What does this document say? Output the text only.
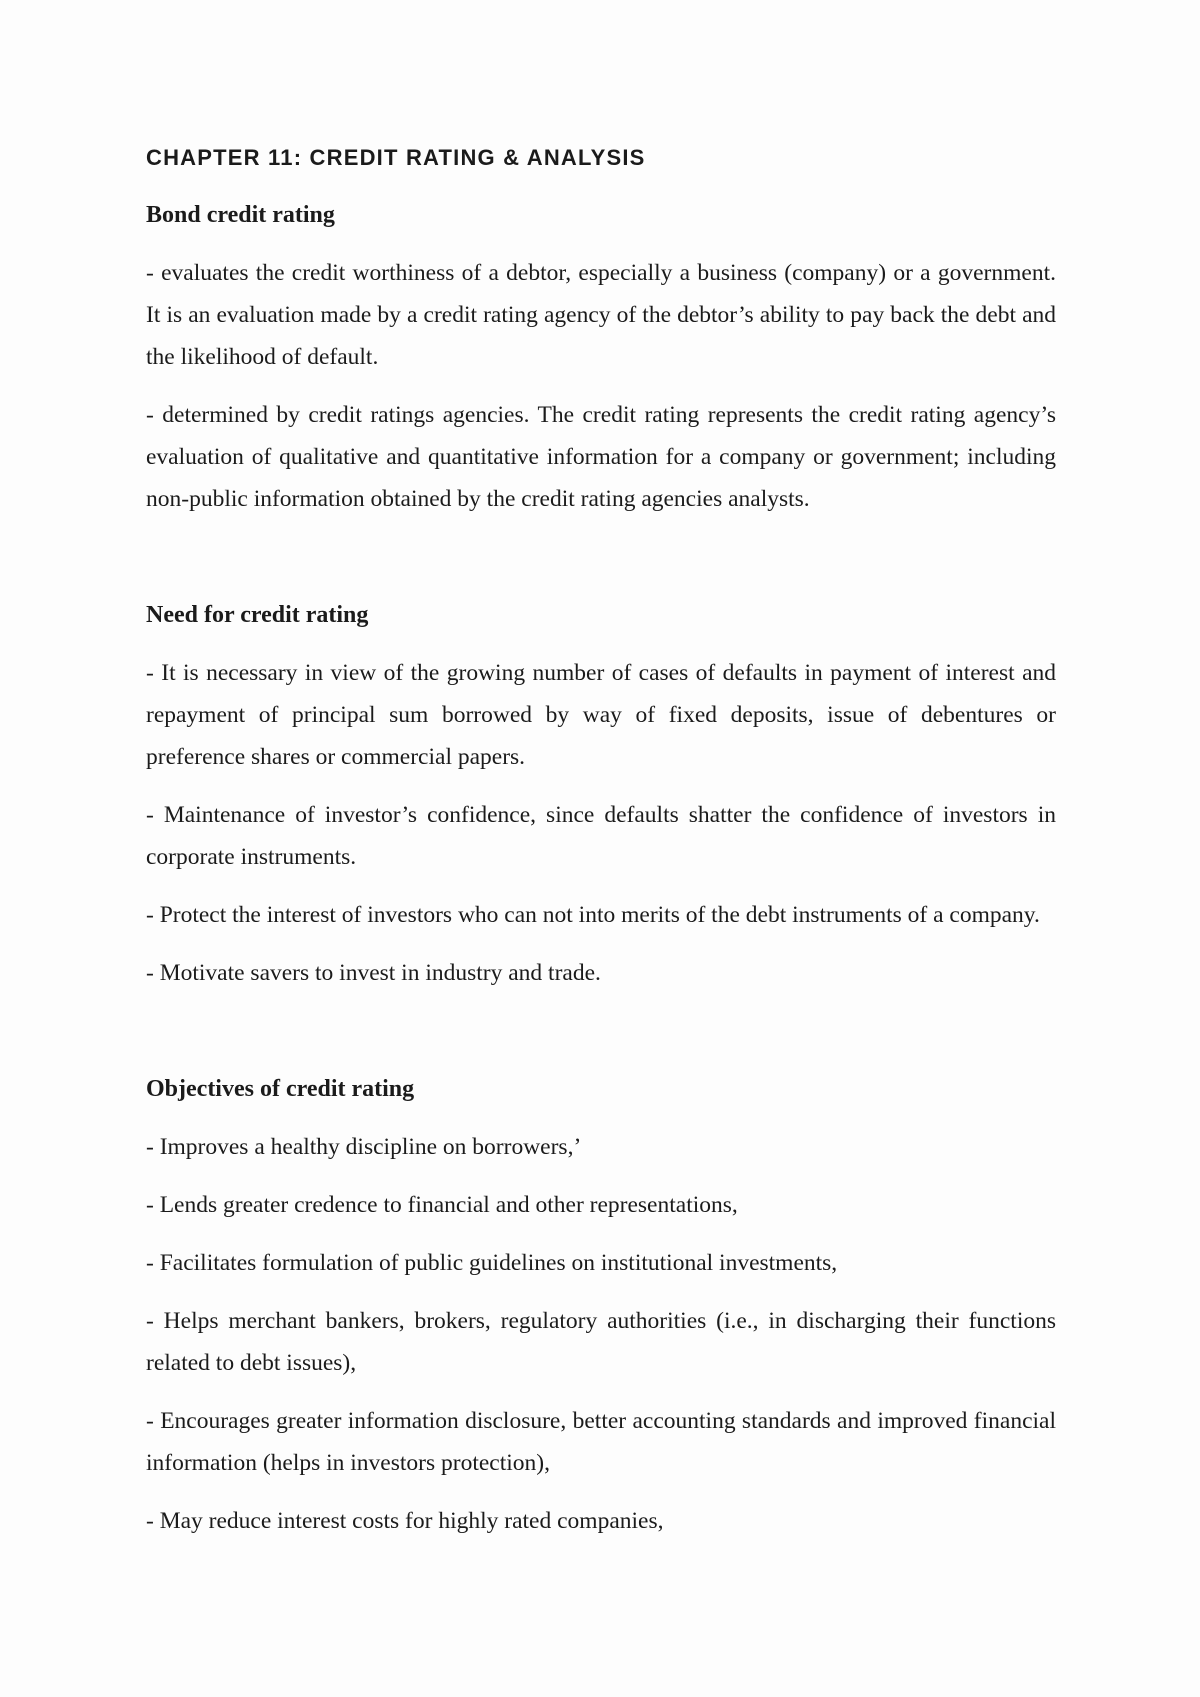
CHAPTER 11: CREDIT RATING & ANALYSIS
Bond credit rating

- evaluates the credit worthiness of a debtor, especially a business (company) or a government. It is an evaluation made by a credit rating agency of the debtor’s ability to pay back the debt and the likelihood of default.

- determined by credit ratings agencies. The credit rating represents the credit rating agency’s evaluation of qualitative and quantitative information for a company or government; including non-public information obtained by the credit rating agencies analysts.

Need for credit rating

- It is necessary in view of the growing number of cases of defaults in payment of interest and repayment of principal sum borrowed by way of fixed deposits, issue of debentures or preference shares or commercial papers.

- Maintenance of investor’s confidence, since defaults shatter the confidence of investors in corporate instruments.

- Protect the interest of investors who can not into merits of the debt instruments of a company.

- Motivate savers to invest in industry and trade.

Objectives of credit rating

- Improves a healthy discipline on borrowers,’

- Lends greater credence to financial and other representations,

- Facilitates formulation of public guidelines on institutional investments,

- Helps merchant bankers, brokers, regulatory authorities (i.e., in discharging their functions related to debt issues),

- Encourages greater information disclosure, better accounting standards and improved financial information (helps in investors protection),

- May reduce interest costs for highly rated companies,
